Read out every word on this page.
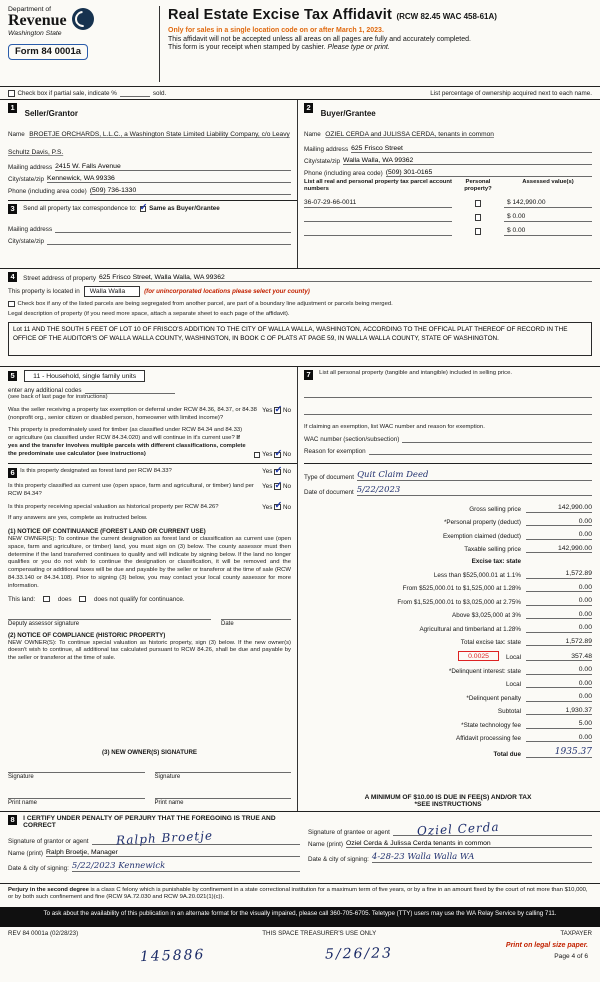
Department of
Revenue
Washington State
Form 84 0001a
Real Estate Excise Tax Affidavit (RCW 82.45 WAC 458-61A)
Only for sales in a single location code on or after March 1, 2023.
This affidavit will not be accepted unless all areas on all pages are fully and accurately completed.
This form is your receipt when stamped by cashier. Please type or print.
Check box if partial sale, indicate %	sold.	List percentage of ownership acquired next to each name.
1 Seller/Grantor
Name BROETJE ORCHARDS, L.L.C., a Washington State Limited Liability Company, c/o Leavy Schultz Davis, P.S.
Mailing address 2415 W. Falls Avenue
City/state/zip Kennewick, WA 99336
Phone (including area code) (509) 736-1330
3	Send all property tax correspondence to: ✓ Same as Buyer/Grantee
Mailing address
City/state/zip
2 Buyer/Grantee
Name OZIEL CERDA and JULISSA CERDA, tenants in common
Mailing address 625 Frisco Street
City/state/zip Walla Walla, WA 99362
Phone (including area code) (509) 301-0165
List all real and personal property tax parcel account numbers
Personal property?
Assessed value(s)
36-07-29-66-0011	$ 142,990.00
$ 0.00
$ 0.00
4	Street address of property 625 Frisco Street, Walla Walla, WA 99362
This property is located in	Walla Walla	(for unincorporated locations please select your county)
Check box if any of the listed parcels are being segregated from another parcel, are part of a boundary line adjustment or parcels being merged.
Legal description of property (if you need more space, attach a separate sheet to each page of the affidavit).
Lot 11 AND THE SOUTH 5 FEET OF LOT 10 OF FRISCO'S ADDITION TO THE CITY OF WALLA WALLA, WASHINGTON, ACCORDING TO THE OFFICAL PLAT THEREOF OF RECORD IN THE OFFICE OF THE AUDITOR'S OF WALLA WALLA COUNTY, WASHINGTON, IN BOOK C OF PLATS AT PAGE 59, IN WALLA WALLA COUNTY, STATE OF WASHINGTON.
5	11 - Household, single family units
enter any additional codes
(see back of last page for instructions)
Was the seller receiving a property tax exemption or deferral under RCW 84.36, 84.37, or 84.38 (nonprofit org., senior citizen or disabled person, homeowner with limited income)?
Yes ✓ No
This property is predominately used for timber (as classified under RCW 84.34 and 84.33) or agriculture (as classified under RCW 84.34.020) and will continue in it's current use? If yes and the transfer involves multiple parcels with different classifications, complete the predominate use calculator (see instructions)	Yes ✓ No
6 Is this property designated as forest land per RCW 84.33?	Yes ✓ No
Is this property classified as current use (open space, farm and agricultural, or timber) land per RCW 84.34?
Yes ✓ No
Is this property receiving special valuation as historical property per RCW 84.26?	Yes ✓ No
If any answers are yes, complete as instructed below.
(1) NOTICE OF CONTINUANCE (FOREST LAND OR CURRENT USE)
NEW OWNER(S): To continue the current designation as forest land or classification as current use (open space, farm and agriculture, or timber) land, you must sign on (3) below. The county assessor must then determine if the land transferred continues to qualify and will indicate by signing below. If the land no longer qualifies or you do not wish to continue the designation or classification, it will be removed and the compensating or additional taxes will be due and payable by the seller or transferor at the time of sale (RCW 84.33.140 or 84.34.108). Prior to signing (3) below, you may contact your local county assessor for more information.
This land:	does	does not qualify for continuance.
Deputy assessor signature	Date
(2) NOTICE OF COMPLIANCE (HISTORIC PROPERTY)
NEW OWNER(S): To continue special valuation as historic property, sign (3) below. If the new owner(s) doesn't wish to continue, all additional tax calculated pursuant to RCW 84.26, shall be due and payable by the seller or transferor at the time of sale.
(3) NEW OWNER(S) SIGNATURE
Signature	Signature
Print name	Print name
7	List all personal property (tangible and intangible) included in selling price.
If claiming an exemption, list WAC number and reason for exemption.
WAC number (section/subsection)
Reason for exemption
Type of document Quit Claim Deed
Date of document 5/22/2023
Gross selling price	142,990.00
*Personal property (deduct)	0.00
Exemption claimed (deduct)	0.00
Taxable selling price	142,990.00
Excise tax: state
Less than $525,000.01 at 1.1%	1,572.89
From $525,000.01 to $1,525,000 at 1.28%	0.00
From $1,525,000.01 to $3,025,000 at 2.75%	0.00
Above $3,025,000 at 3%	0.00
Agricultural and timberland at 1.28%	0.00
Total excise tax: state	1,572.89
0.0025	Local	357.48
*Delinquent interest: state	0.00
Local	0.00
*Delinquent penalty	0.00
Subtotal	1,930.37
*State technology fee	5.00
Affidavit processing fee	0.00
Total due	1935.37
A MINIMUM OF $10.00 IS DUE IN FEE(S) AND/OR TAX
*SEE INSTRUCTIONS
8	I CERTIFY UNDER PENALTY OF PERJURY THAT THE FOREGOING IS TRUE AND CORRECT
Signature of grantor or agent Ralph Broetje
Name (print) Ralph Broetje, Manager
Date & city of signing: 5/22/2023 Kennewick
Signature of grantee or agent Oziel Cerda
Name (print) Oziel Cerda & Julissa Cerda tenants in common
Date & city of signing: 4-28-23 Walla Walla WA
Perjury in the second degree is a class C felony which is punishable by confinement in a state correctional institution for a maximum term of five years, or by a fine in an amount fixed by the court of not more than $10,000, or by both such confinement and fine (RCW 9A.72.030 and RCW 9A.20.021(1)(c)).
To ask about the availability of this publication in an alternate format for the visually impaired, please call 360-705-6705. Teletype (TTY) users may use the WA Relay Service by calling 711.
REV 84 0001a (02/28/23)	THIS SPACE TREASURER'S USE ONLY	TAXPAYER
145886	5/26/23	Print on legal size paper.
Page 4 of 6
